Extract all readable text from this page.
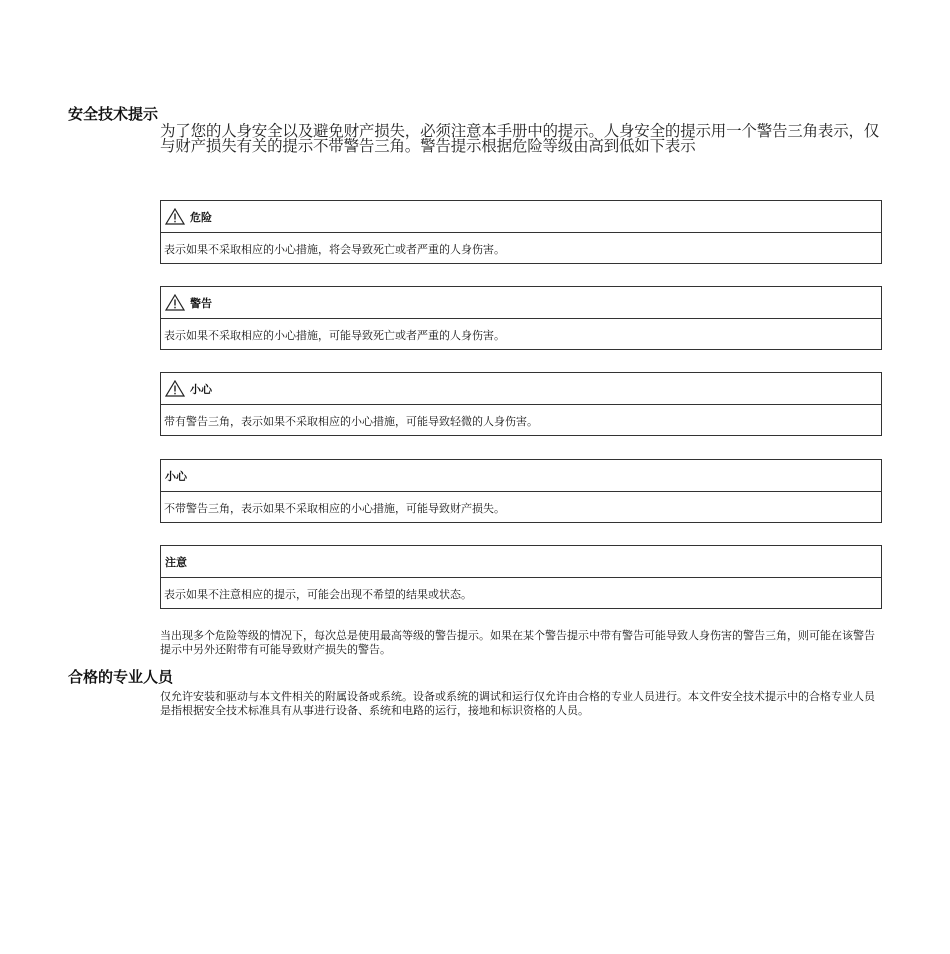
安全技术提示

为了您的人身安全以及避免财产损失，必须注意本手册中的提示。人身安全的提示用一个警告三角表示，仅与财产损失有关的提示不带警告三角。警告提示根据危险等级由高到低如下表示

危险
表示如果不采取相应的小心措施，将会导致死亡或者严重的人身伤害。
警告
表示如果不采取相应的小心措施，可能导致死亡或者严重的人身伤害。
小心
带有警告三角，表示如果不采取相应的小心措施，可能导致轻微的人身伤害。
小心
不带警告三角，表示如果不采取相应的小心措施，可能导致财产损失。
注意
表示如果不注意相应的提示，可能会出现不希望的结果或状态。

当出现多个危险等级的情况下，每次总是使用最高等级的警告提示。如果在某个警告提示中带有警告可能导致人身伤害的警告三角，则可能在该警告提示中另外还附带有可能导致财产损失的警告。

合格的专业人员

仅允许安装和驱动与本文件相关的附属设备或系统。设备或系统的调试和运行仅允许由合格的专业人员进行。本文件安全技术提示中的合格专业人员是指根据安全技术标准具有从事进行设备、系统和电路的运行，接地和标识资格的人员。
